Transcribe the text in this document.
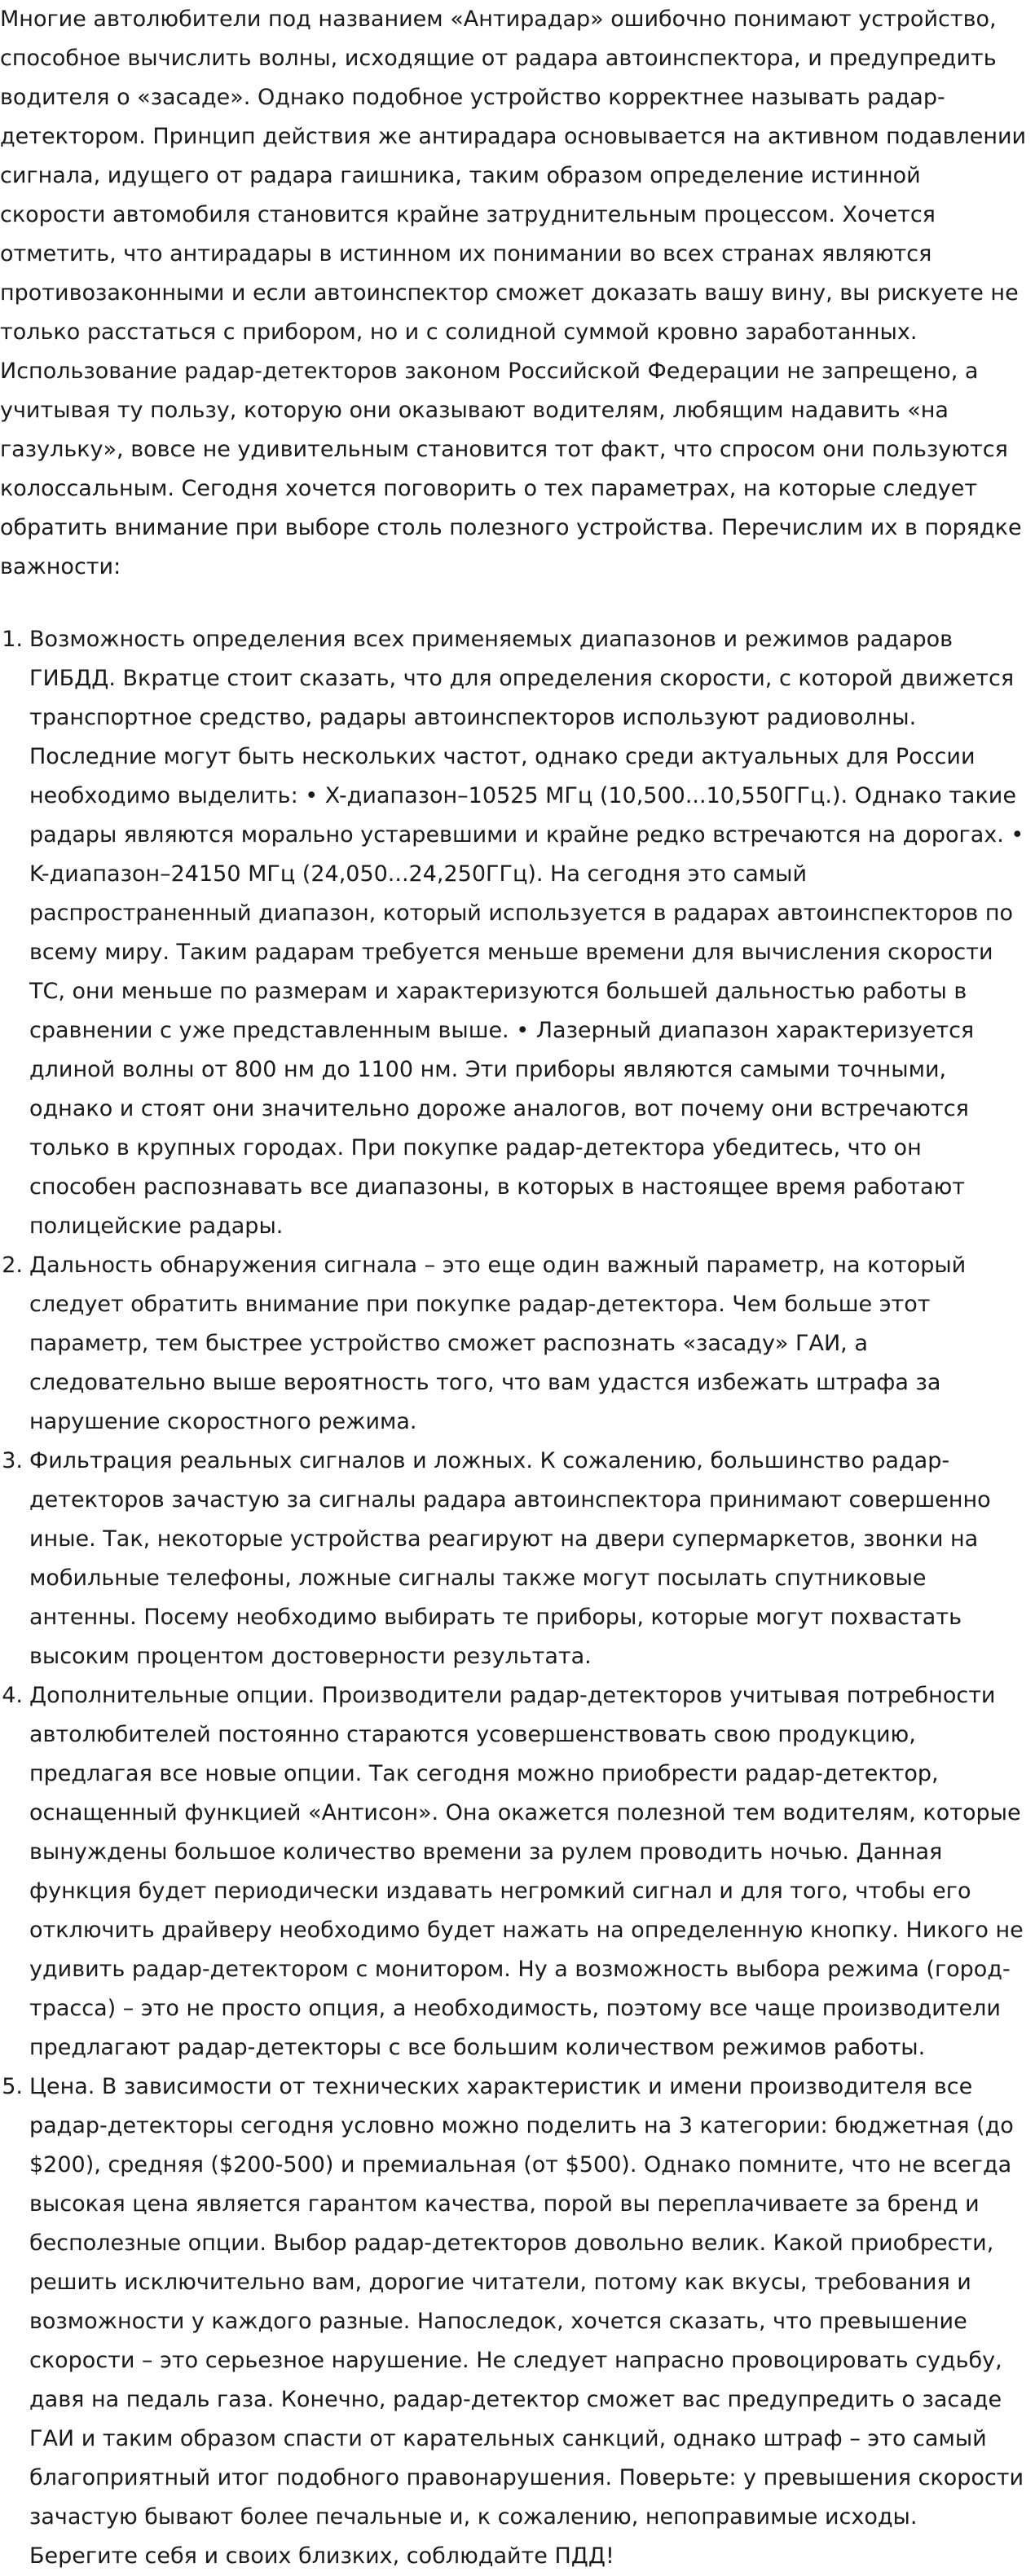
Многие автолюбители под названием «Антирадар» ошибочно понимают устройство, способное вычислить волны, исходящие от радара автоинспектора, и предупредить водителя о «засаде». Однако подобное устройство корректнее называть радар-детектором. Принцип действия же антирадара основывается на активном подавлении сигнала, идущего от радара гаишника, таким образом определение истинной скорости автомобиля становится крайне затруднительным процессом. Хочется отметить, что антирадары в истинном их понимании во всех странах являются противозаконными и если автоинспектор сможет доказать вашу вину, вы рискуете не только расстаться с прибором, но и с солидной суммой кровно заработанных. Использование радар-детекторов законом Российской Федерации не запрещено, а учитывая ту пользу, которую они оказывают водителям, любящим надавить «на газульку», вовсе не удивительным становится тот факт, что спросом они пользуются колоссальным. Сегодня хочется поговорить о тех параметрах, на которые следует обратить внимание при выборе столь полезного устройства. Перечислим их в порядке важности:

Возможность определения всех применяемых диапазонов и режимов радаров ГИБДД. Вкратце стоит сказать, что для определения скорости, с которой движется транспортное средство, радары автоинспекторов используют радиоволны. Последние могут быть нескольких частот, однако среди актуальных для России необходимо выделить: • X-диапазон–10525 МГц (10,500...10,550ГГц.). Однако такие радары являются морально устаревшими и крайне редко встречаются на дорогах. • K-диапазон–24150 МГц (24,050...24,250ГГц). На сегодня это самый распространенный диапазон, который используется в радарах автоинспекторов по всему миру. Таким радарам требуется меньше времени для вычисления скорости ТС, они меньше по размерам и характеризуются большей дальностью работы в сравнении с уже представленным выше. • Лазерный диапазон характеризуется длиной волны от 800 нм до 1100 нм. Эти приборы являются самыми точными, однако и стоят они значительно дороже аналогов, вот почему они встречаются только в крупных городах. При покупке радар-детектора убедитесь, что он способен распознавать все диапазоны, в которых в настоящее время работают полицейские радары.
Дальность обнаружения сигнала – это еще один важный параметр, на который следует обратить внимание при покупке радар-детектора. Чем больше этот параметр, тем быстрее устройство сможет распознать «засаду» ГАИ, а следовательно выше вероятность того, что вам удастся избежать штрафа за нарушение скоростного режима.
Фильтрация реальных сигналов и ложных. К сожалению, большинство радар-детекторов зачастую за сигналы радара автоинспектора принимают совершенно иные. Так, некоторые устройства реагируют на двери супермаркетов, звонки на мобильные телефоны, ложные сигналы также могут посылать спутниковые антенны. Посему необходимо выбирать те приборы, которые могут похвастать высоким процентом достоверности результата.
Дополнительные опции. Производители радар-детекторов учитывая потребности автолюбителей постоянно стараются усовершенствовать свою продукцию, предлагая все новые опции. Так сегодня можно приобрести радар-детектор, оснащенный функцией «Антисон». Она окажется полезной тем водителям, которые вынуждены большое количество времени за рулем проводить ночью. Данная функция будет периодически издавать негромкий сигнал и для того, чтобы его отключить драйверу необходимо будет нажать на определенную кнопку. Никого не удивить радар-детектором с монитором. Ну а возможность выбора режима (город-трасса) – это не просто опция, а необходимость, поэтому все чаще производители предлагают радар-детекторы с все большим количеством режимов работы.
Цена. В зависимости от технических характеристик и имени производителя все радар-детекторы сегодня условно можно поделить на 3 категории: бюджетная (до $200), средняя ($200-500) и премиальная (от $500). Однако помните, что не всегда высокая цена является гарантом качества, порой вы переплачиваете за бренд и бесполезные опции. Выбор радар-детекторов довольно велик. Какой приобрести, решить исключительно вам, дорогие читатели, потому как вкусы, требования и возможности у каждого разные. Напоследок, хочется сказать, что превышение скорости – это серьезное нарушение. Не следует напрасно провоцировать судьбу, давя на педаль газа. Конечно, радар-детектор сможет вас предупредить о засаде ГАИ и таким образом спасти от карательных санкций, однако штраф – это самый благоприятный итог подобного правонарушения. Поверьте: у превышения скорости зачастую бывают более печальные и, к сожалению, непоправимые исходы. Берегите себя и своих близких, соблюдайте ПДД!
